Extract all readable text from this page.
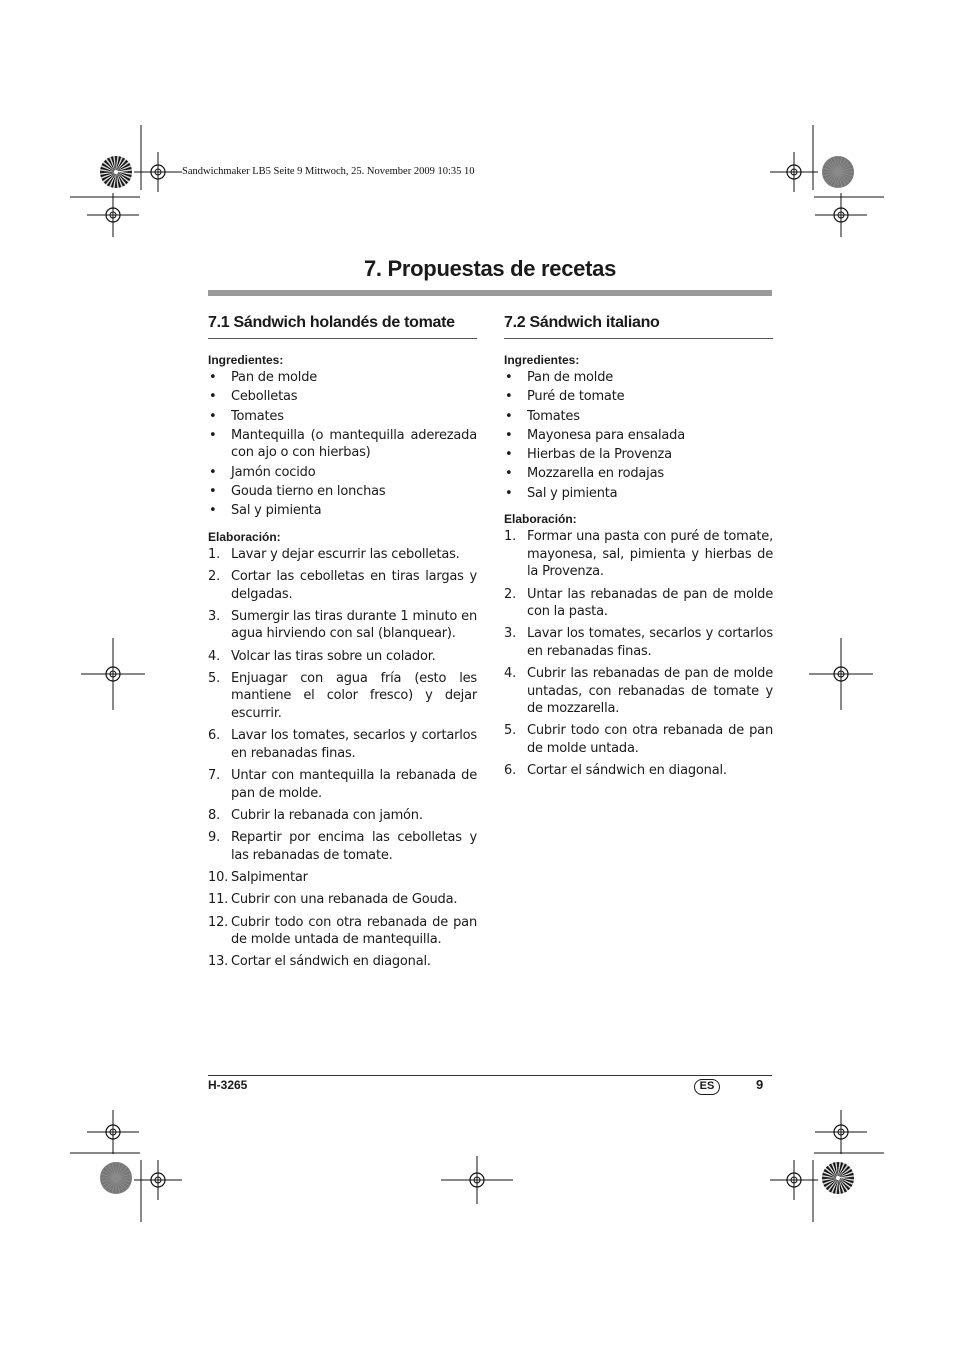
Sandwichmaker LB5 Seite 9 Mittwoch, 25. November 2009 10:35 10
7. Propuestas de recetas
7.1 Sándwich holandés de tomate
Ingredientes:
• Pan de molde
• Cebolletas
• Tomates
• Mantequilla (o mantequilla aderezada con ajo o con hierbas)
• Jamón cocido
• Gouda tierno en lonchas
• Sal y pimienta
Elaboración:
1. Lavar y dejar escurrir las cebolletas.
2. Cortar las cebolletas en tiras largas y delgadas.
3. Sumergir las tiras durante 1 minuto en agua hirviendo con sal (blanquear).
4. Volcar las tiras sobre un colador.
5. Enjuagar con agua fría (esto les mantiene el color fresco) y dejar escurrir.
6. Lavar los tomates, secarlos y cortarlos en rebanadas finas.
7. Untar con mantequilla la rebanada de pan de molde.
8. Cubrir la rebanada con jamón.
9. Repartir por encima las cebolletas y las rebanadas de tomate.
10. Salpimentar
11. Cubrir con una rebanada de Gouda.
12. Cubrir todo con otra rebanada de pan de molde untada de mantequilla.
13. Cortar el sándwich en diagonal.
7.2 Sándwich italiano
Ingredientes:
• Pan de molde
• Puré de tomate
• Tomates
• Mayonesa para ensalada
• Hierbas de la Provenza
• Mozzarella en rodajas
• Sal y pimienta
Elaboración:
1. Formar una pasta con puré de tomate, mayonesa, sal, pimienta y hierbas de la Provenza.
2. Untar las rebanadas de pan de molde con la pasta.
3. Lavar los tomates, secarlos y cortarlos en rebanadas finas.
4. Cubrir las rebanadas de pan de molde untadas, con rebanadas de tomate y de mozzarella.
5. Cubrir todo con otra rebanada de pan de molde untada.
6. Cortar el sándwich en diagonal.
H-3265	ES	9
